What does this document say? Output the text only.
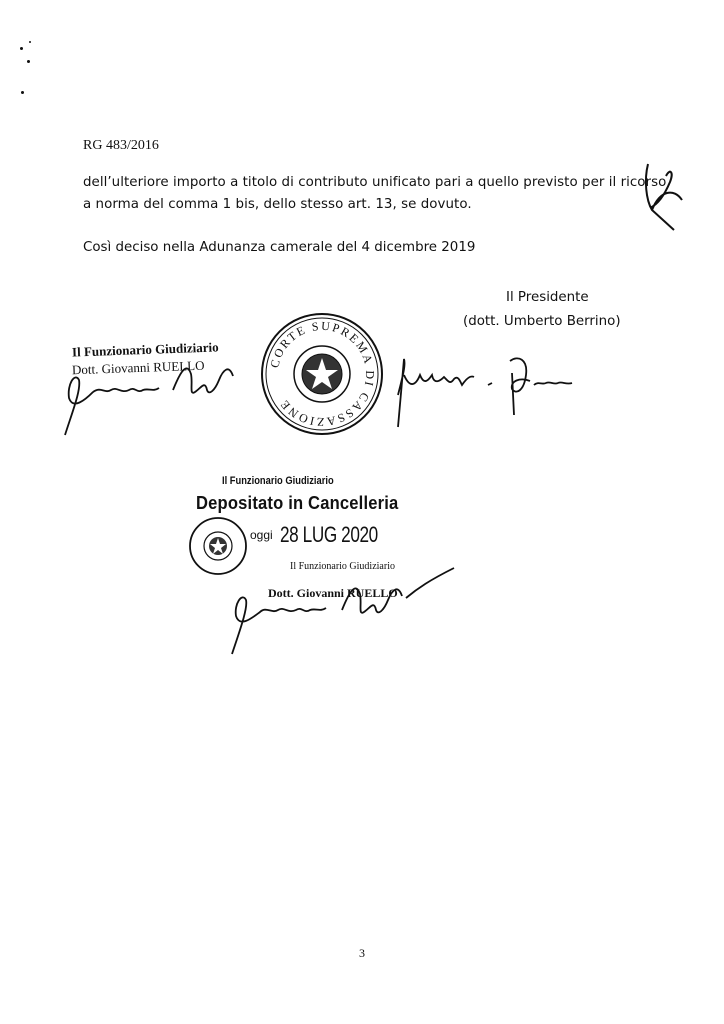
RG 483/2016
dell’ulteriore importo a titolo di contributo unificato pari a quello previsto per il ricorso,
a norma del comma 1 bis, dello stesso art. 13, se dovuto.
Così deciso nella Adunanza camerale del 4 dicembre 2019
Il Presidente
(dott. Umberto Berrino)
Il Funzionario Giudiziario
Dott. Giovanni RUELLO	CORTE SUPREMA DI CASSAZIONE
Il Funzionario Giudiziario
Depositato in Cancelleria
oggi 28 LUG 2020
Il Funzionario Giudiziario
Dott. Giovanni RUELLO
3
